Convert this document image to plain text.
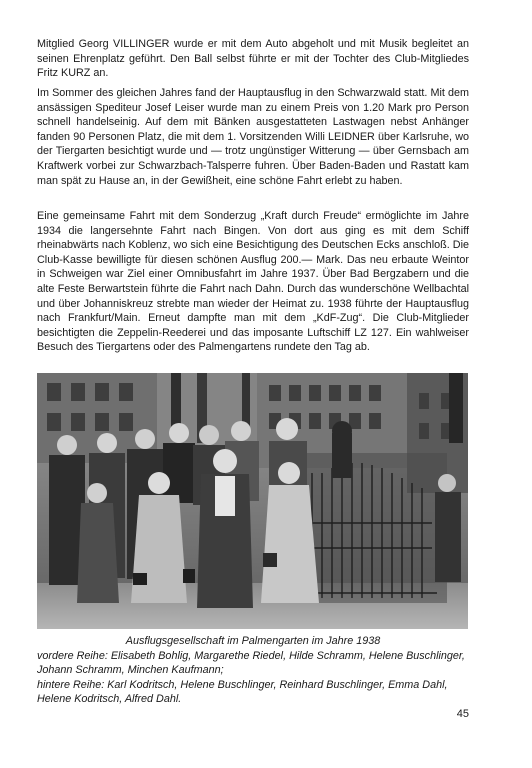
Mitglied Georg VILLINGER wurde er mit dem Auto abgeholt und mit Musik begleitet an seinen Ehrenplatz geführt. Den Ball selbst führte er mit der Tochter des Club-Mitgliedes Fritz KURZ an.

Im Sommer des gleichen Jahres fand der Hauptausflug in den Schwarzwald statt. Mit dem ansässigen Spediteur Josef Leiser wurde man zu einem Preis von 1.20 Mark pro Person schnell handelseinig. Auf dem mit Bänken ausgestatteten Lastwagen nebst Anhänger fanden 90 Personen Platz, die mit dem 1. Vorsitzenden Willi LEIDNER über Karlsruhe, wo der Tiergarten besichtigt wurde und — trotz ungünstiger Witterung — über Gernsbach am Kraftwerk vorbei zur Schwarzbach-Talsperre fuhren. Über Baden-Baden und Rastatt kam man spät zu Hause an, in der Gewißheit, eine schöne Fahrt erlebt zu haben.

Eine gemeinsame Fahrt mit dem Sonderzug „Kraft durch Freude“ ermöglichte im Jahre 1934 die langersehnte Fahrt nach Bingen. Von dort aus ging es mit dem Schiff rheinabwärts nach Koblenz, wo sich eine Besichtigung des Deutschen Ecks anschloß. Die Club-Kasse bewilligte für diesen schönen Ausflug 200.— Mark. Das neu erbaute Weintor in Schweigen war Ziel einer Omnibusfahrt im Jahre 1937. Über Bad Bergzabern und die alte Feste Berwartstein führte die Fahrt nach Dahn. Durch das wunderschöne Wellbachtal und über Johanniskreuz strebte man wieder der Heimat zu. 1938 führte der Hauptausflug nach Frankfurt/Main. Erneut dampfte man mit dem „KdF-Zug“. Die Club-Mitglieder besichtigten die Zeppelin-Reederei und das imposante Luftschiff LZ 127. Ein wahlweiser Besuch des Tiergartens oder des Palmengartens rundete den Tag ab.

Ausflugsgesellschaft im Palmengarten im Jahre 1938
vordere Reihe: Elisabeth Bohlig, Margarethe Riedel, Hilde Schramm, Helene Buschlinger, Johann Schramm, Minchen Kaufmann;
hintere Reihe: Karl Kodritsch, Helene Buschlinger, Reinhard Buschlinger, Emma Dahl, Helene Kodritsch, Alfred Dahl.
45
